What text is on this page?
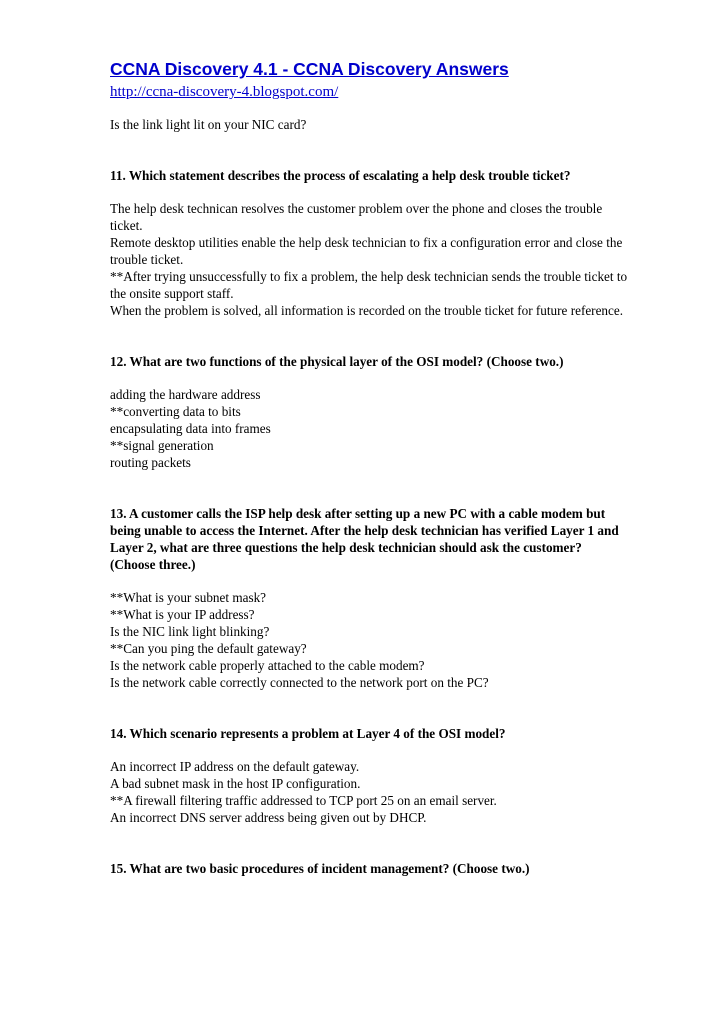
CCNA Discovery 4.1 - CCNA Discovery Answers
http://ccna-discovery-4.blogspot.com/
Is the link light lit on your NIC card?
11. Which statement describes the process of escalating a help desk trouble ticket?
The help desk technican resolves the customer problem over the phone and closes the trouble ticket.
Remote desktop utilities enable the help desk technician to fix a configuration error and close the trouble ticket.
**After trying unsuccessfully to fix a problem, the help desk technician sends the trouble ticket to the onsite support staff.
When the problem is solved, all information is recorded on the trouble ticket for future reference.
12. What are two functions of the physical layer of the OSI model? (Choose two.)
adding the hardware address
**converting data to bits
encapsulating data into frames
**signal generation
routing packets
13. A customer calls the ISP help desk after setting up a new PC with a cable modem but being unable to access the Internet. After the help desk technician has verified Layer 1 and Layer 2, what are three questions the help desk technician should ask the customer? (Choose three.)
**What is your subnet mask?
**What is your IP address?
Is the NIC link light blinking?
**Can you ping the default gateway?
Is the network cable properly attached to the cable modem?
Is the network cable correctly connected to the network port on the PC?
14. Which scenario represents a problem at Layer 4 of the OSI model?
An incorrect IP address on the default gateway.
A bad subnet mask in the host IP configuration.
**A firewall filtering traffic addressed to TCP port 25 on an email server.
An incorrect DNS server address being given out by DHCP.
15. What are two basic procedures of incident management? (Choose two.)
